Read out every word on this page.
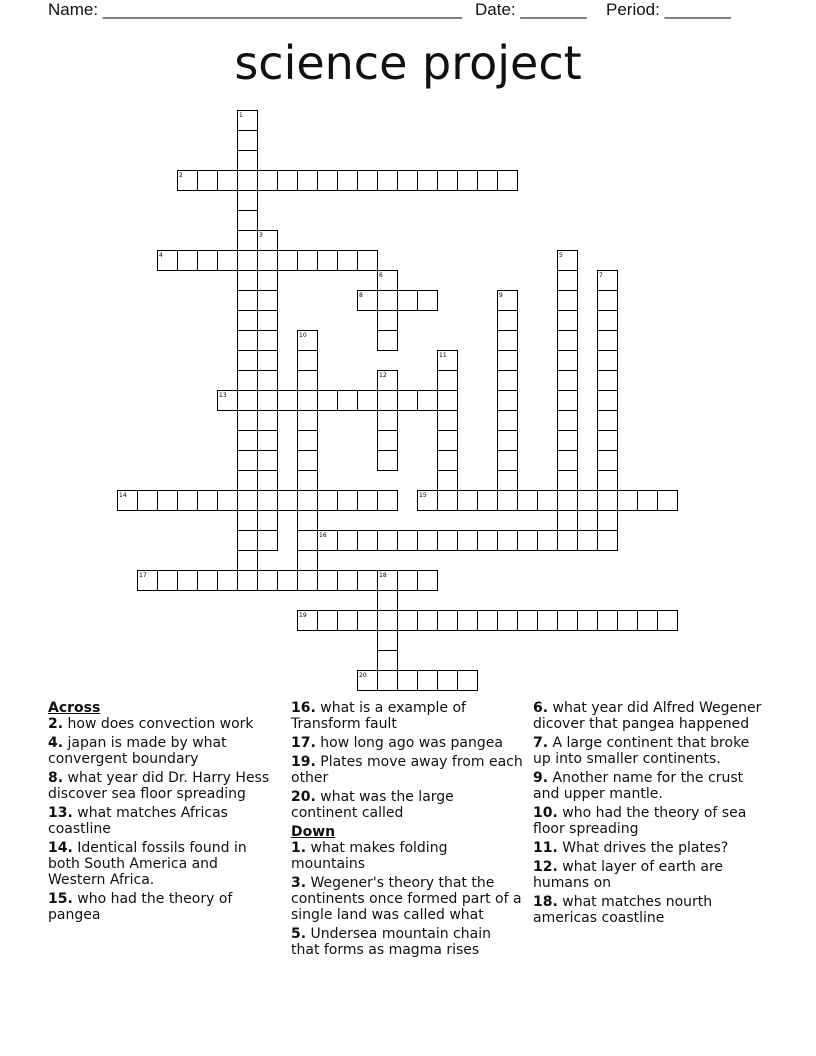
Name: ______________________________________ Date: _______ Period: _______
science project
1
2
3
4	5
6	7
8	9
10
11
12
13
14	15
16
17	18
19
20
Across
2. how does convection work
4. japan is made by what convergent boundary
8. what year did Dr. Harry Hess discover sea floor spreading
13. what matches Africas coastline
14. Identical fossils found in both South America and Western Africa.
15. who had the theory of pangea
16. what is a example of Transform fault
17. how long ago was pangea
19. Plates move away from each other
20. what was the large continent called
Down
1. what makes folding mountains
3. Wegener's theory that the continents once formed part of a single land was called what
5. Undersea mountain chain that forms as magma rises
6. what year did Alfred Wegener dicover that pangea happened
7. A large continent that broke up into smaller continents.
9. Another name for the crust and upper mantle.
10. who had the theory of sea floor spreading
11. What drives the plates?
12. what layer of earth are humans on
18. what matches nourth americas coastline
